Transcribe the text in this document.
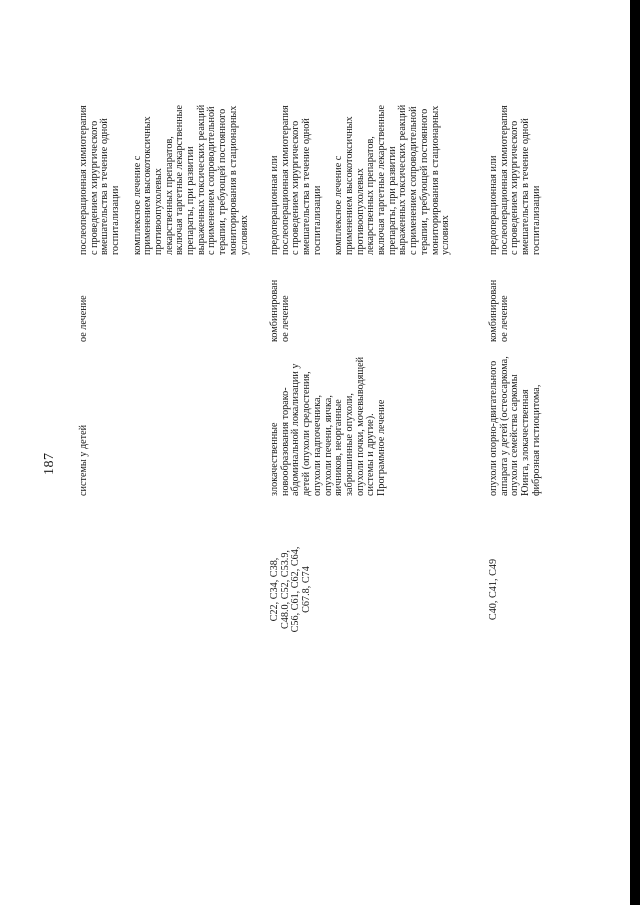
187 системы у детей

ое лечение

послеоперационная химиотерапия с проведением хирургического вмешательства в течение одной госпитализации комплексное лечение с применением высокотоксичных противоопухолевых лекарственных препаратов, включая таргетные лекарственные препараты, при развитии выраженных токсических реакций с применением сопроводительной терапии, требующей постоянного мониторирования в стационарных условиях

C22, C34, C38, C48.0, C52, C53.9, C56, C61, C62, C64, C67.8, C74

злокачественные новообразования торако- абдоминальной локализации у детей (опухоли средостения, опухоли надпочечника, опухоли печени, яичка, яичников, неорганные забрюшинные опухоли, опухоли почки, мочевыводящей системы и другие). Программное лечение

комбинирован ое лечение

предоперационная или послеоперационная химиотерапия с проведением хирургического вмешательства в течение одной госпитализации комплексное лечение с применением высокотоксичных противоопухолевых лекарственных препаратов, включая таргетные лекарственные препараты, при развитии выраженных токсических реакций с применением сопроводительной терапии, требующей постоянного мониторирования в стационарных условиях

C40, C41, C49

опухоли опорно-двигательного аппарата у детей (остеосаркома, опухоли семейства саркомы Юинга, злокачественная фиброзная гистиоцитома,

комбинирован ое лечение

предоперационная или послеоперационная химиотерапия с проведением хирургического вмешательства в течение одной госпитализации
